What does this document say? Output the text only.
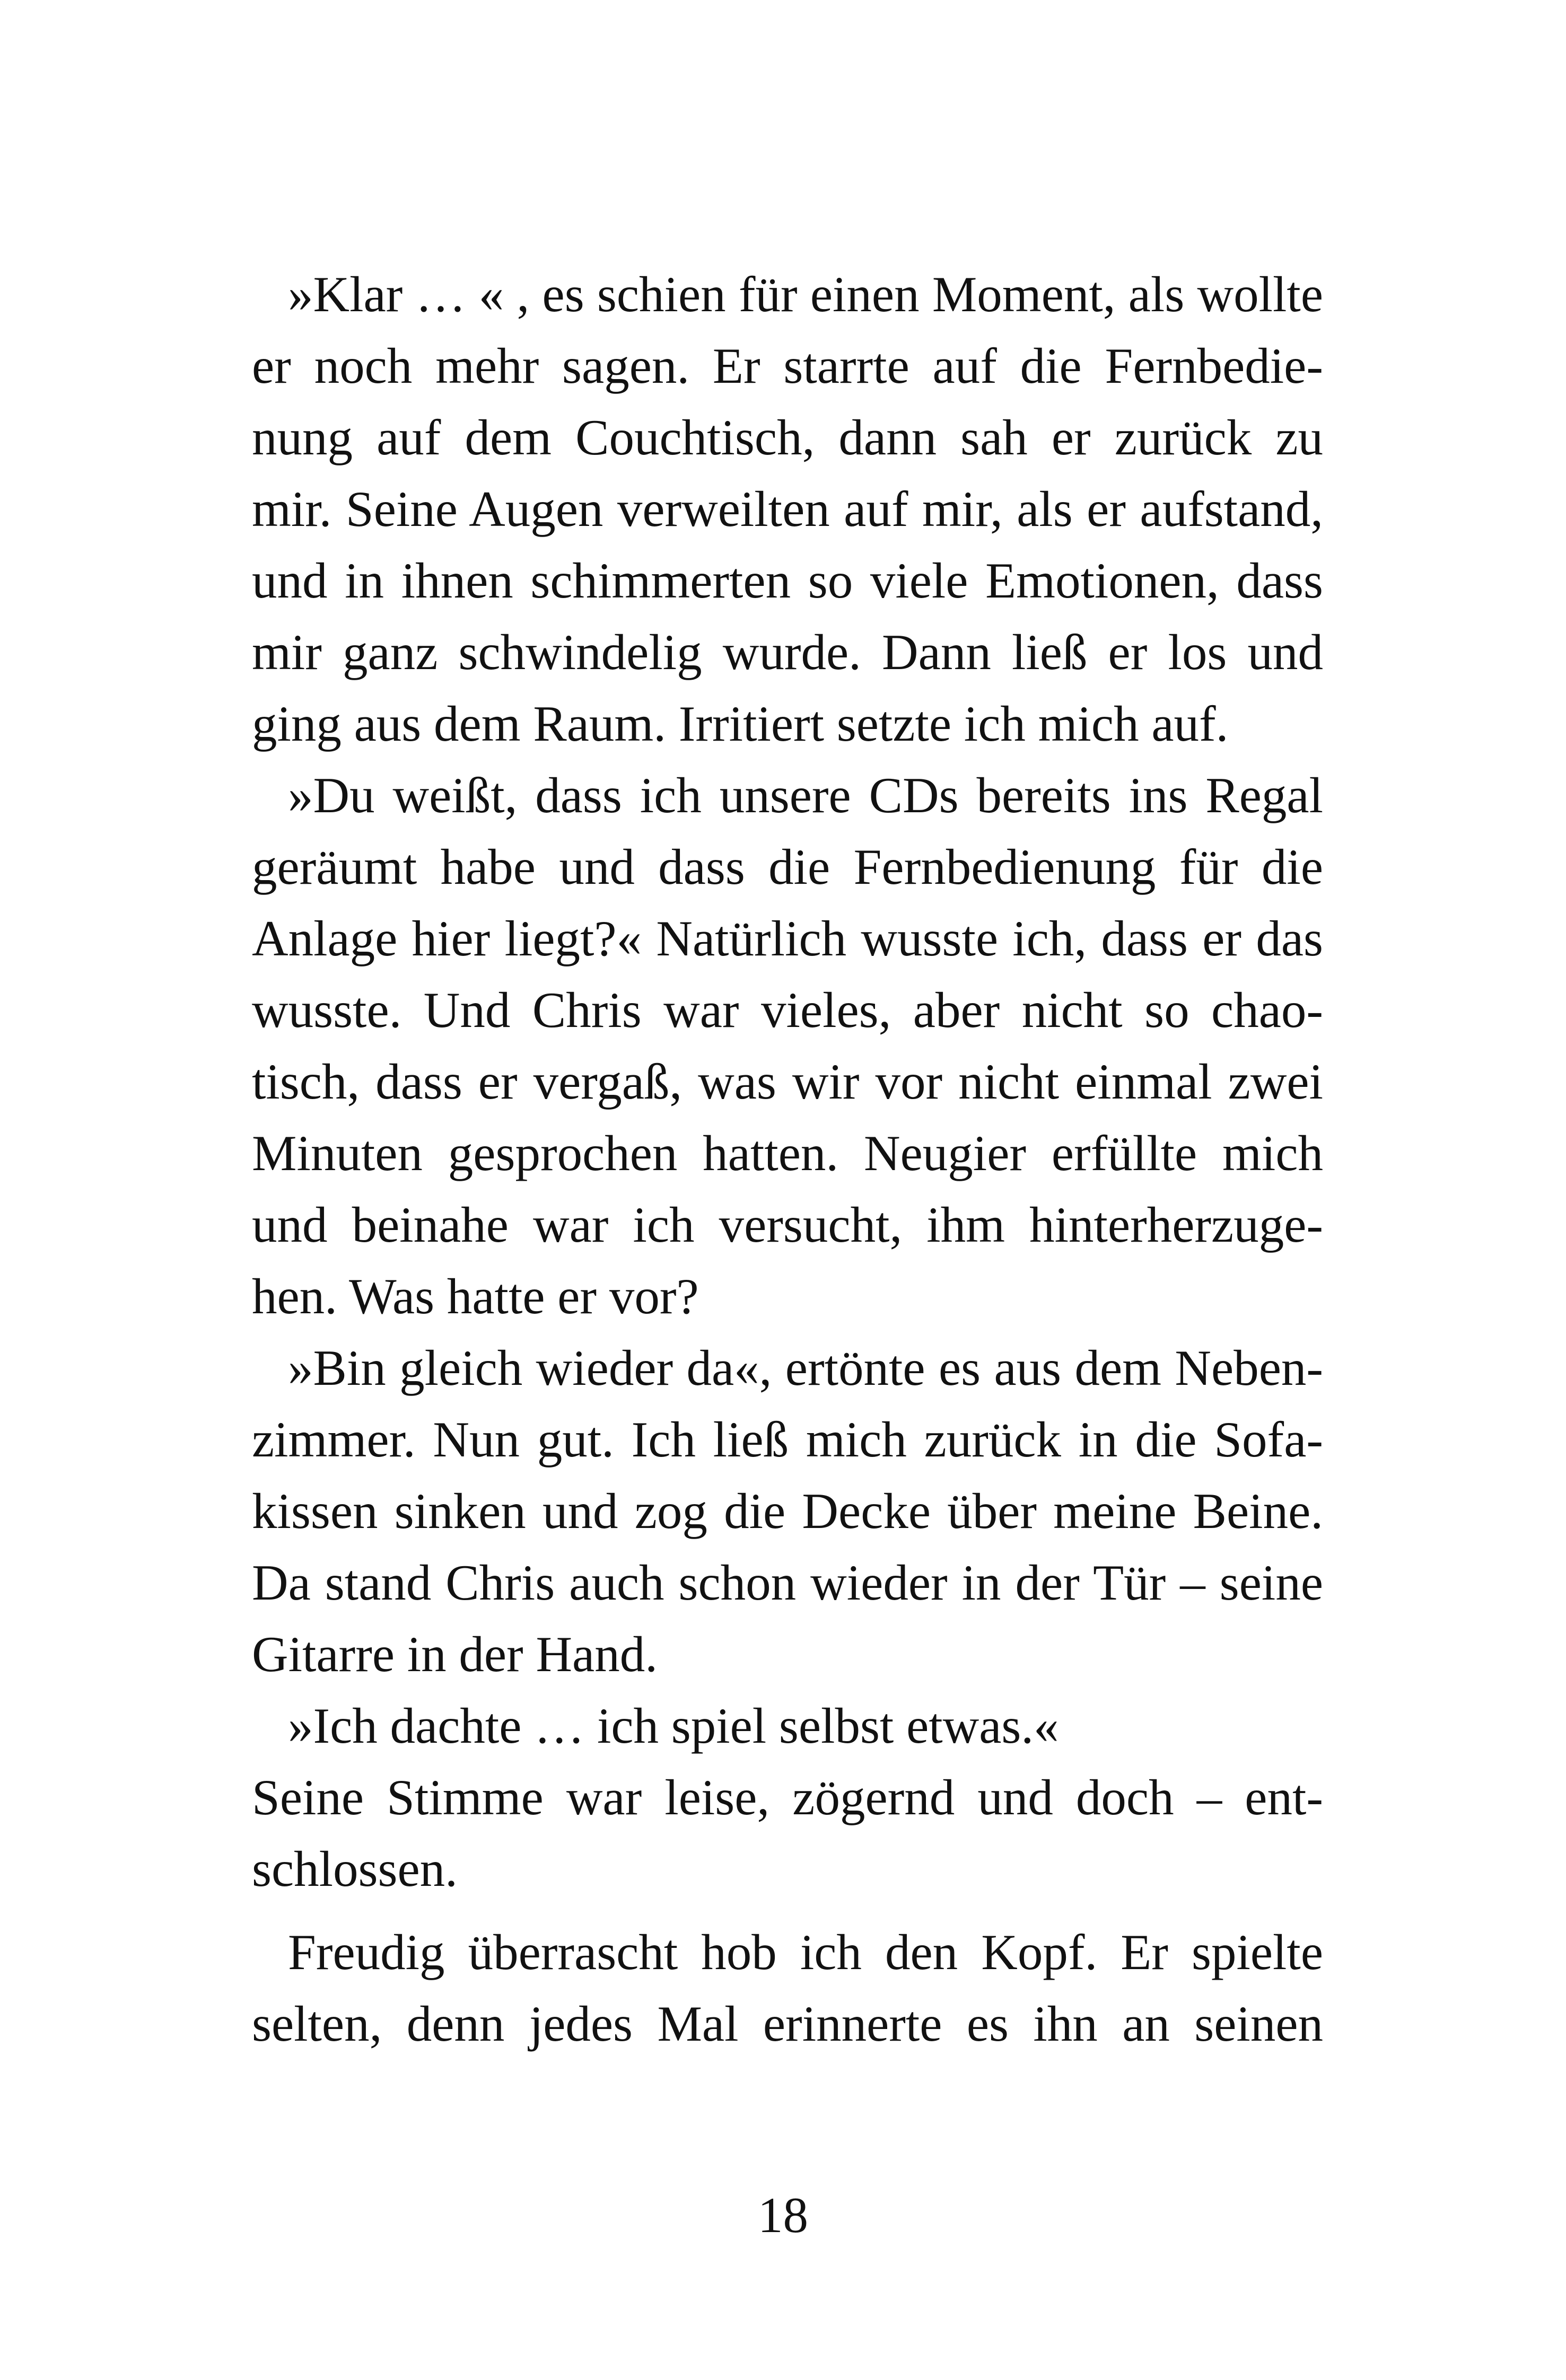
»Klar … « , es schien für einen Moment, als wollte
er noch mehr sagen. Er starrte auf die Fernbedie-
nung auf dem Couchtisch, dann sah er zurück zu
mir. Seine Augen verweilten auf mir, als er aufstand,
und in ihnen schimmerten so viele Emotionen, dass
mir ganz schwindelig wurde. Dann ließ er los und
ging aus dem Raum. Irritiert setzte ich mich auf.
»Du weißt, dass ich unsere CDs bereits ins Regal
geräumt habe und dass die Fernbedienung für die
Anlage hier liegt?« Natürlich wusste ich, dass er das
wusste. Und Chris war vieles, aber nicht so chao-
tisch, dass er vergaß, was wir vor nicht einmal zwei
Minuten gesprochen hatten. Neugier erfüllte mich
und beinahe war ich versucht, ihm hinterherzuge-
hen. Was hatte er vor?
»Bin gleich wieder da«, ertönte es aus dem Neben-
zimmer. Nun gut. Ich ließ mich zurück in die Sofa-
kissen sinken und zog die Decke über meine Beine.
Da stand Chris auch schon wieder in der Tür – seine
Gitarre in der Hand.
»Ich dachte … ich spiel selbst etwas.«
Seine Stimme war leise, zögernd und doch – ent-
schlossen.
Freudig überrascht hob ich den Kopf. Er spielte
selten, denn jedes Mal erinnerte es ihn an seinen
18
